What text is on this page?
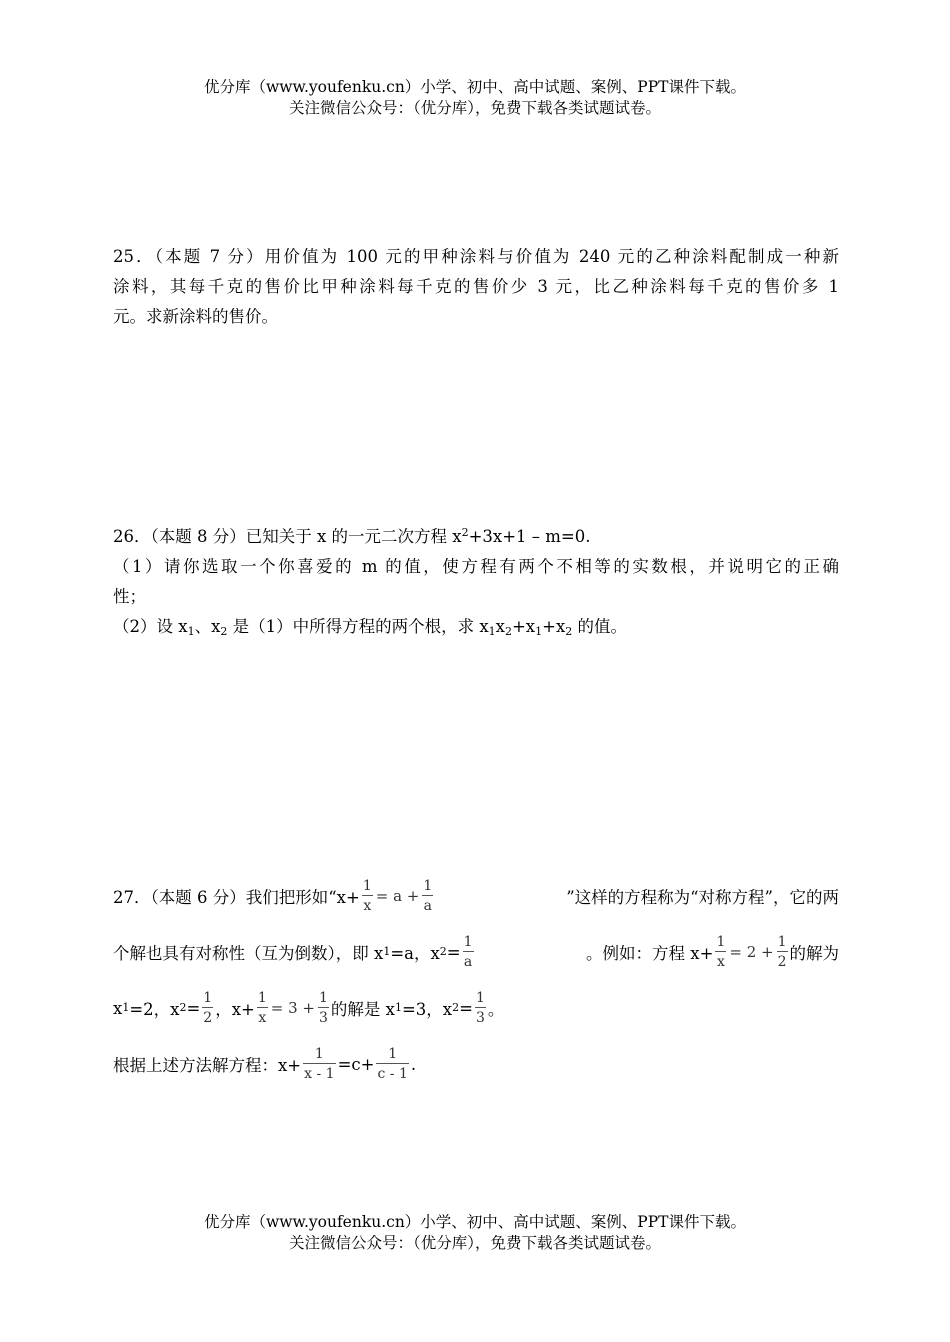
优分库（www.youfenku.cn）小学、初中、高中试题、案例、PPT课件下载。
关注微信公众号：（优分库），免费下载各类试题试卷。
25．（本题 7 分）用价值为 100 元的甲种涂料与价值为 240 元的乙种涂料配制成一种新
涂料，其每千克的售价比甲种涂料每千克的售价少 3 元，比乙种涂料每千克的售价多 1
元。求新涂料的售价。
26．（本题 8 分）已知关于 x 的一元二次方程 $x^2+3x+1 - m=0$.
（1）请你选取一个你喜爱的 m 的值，使方程有两个不相等的实数根，并说明它的正确
性；
（2）设 $x_1$、$x_2$ 是（1）中所得方程的两个根，求 $x_1x_2+x_1+x_2$ 的值。
27．（本题 6 分）我们把形如“$x+ \frac{1}{x} = a + \frac{1}{a}$	”这样的方程称为“对称方程”，它的两
个解也具有对称性（互为倒数），即 x 1 =a，x $2 = \frac{1}{a}$	。例如：方程 $x+ \frac{1}{x} = 2 + \frac{1}{2}$ 的解为
x 1 =2，x $2 = \frac{1}{2}$ ，$x+ \frac{1}{x} = 3 + \frac{1}{3}$ 的解是 x 1 =3，x $2 = \frac{1}{3}$ 。
根据上述方法解方程：$x+ \frac{1}{x - 1} =c+ \frac{1}{c - 1}$ .
优分库（www.youfenku.cn）小学、初中、高中试题、案例、PPT课件下载。
关注微信公众号：（优分库），免费下载各类试题试卷。
